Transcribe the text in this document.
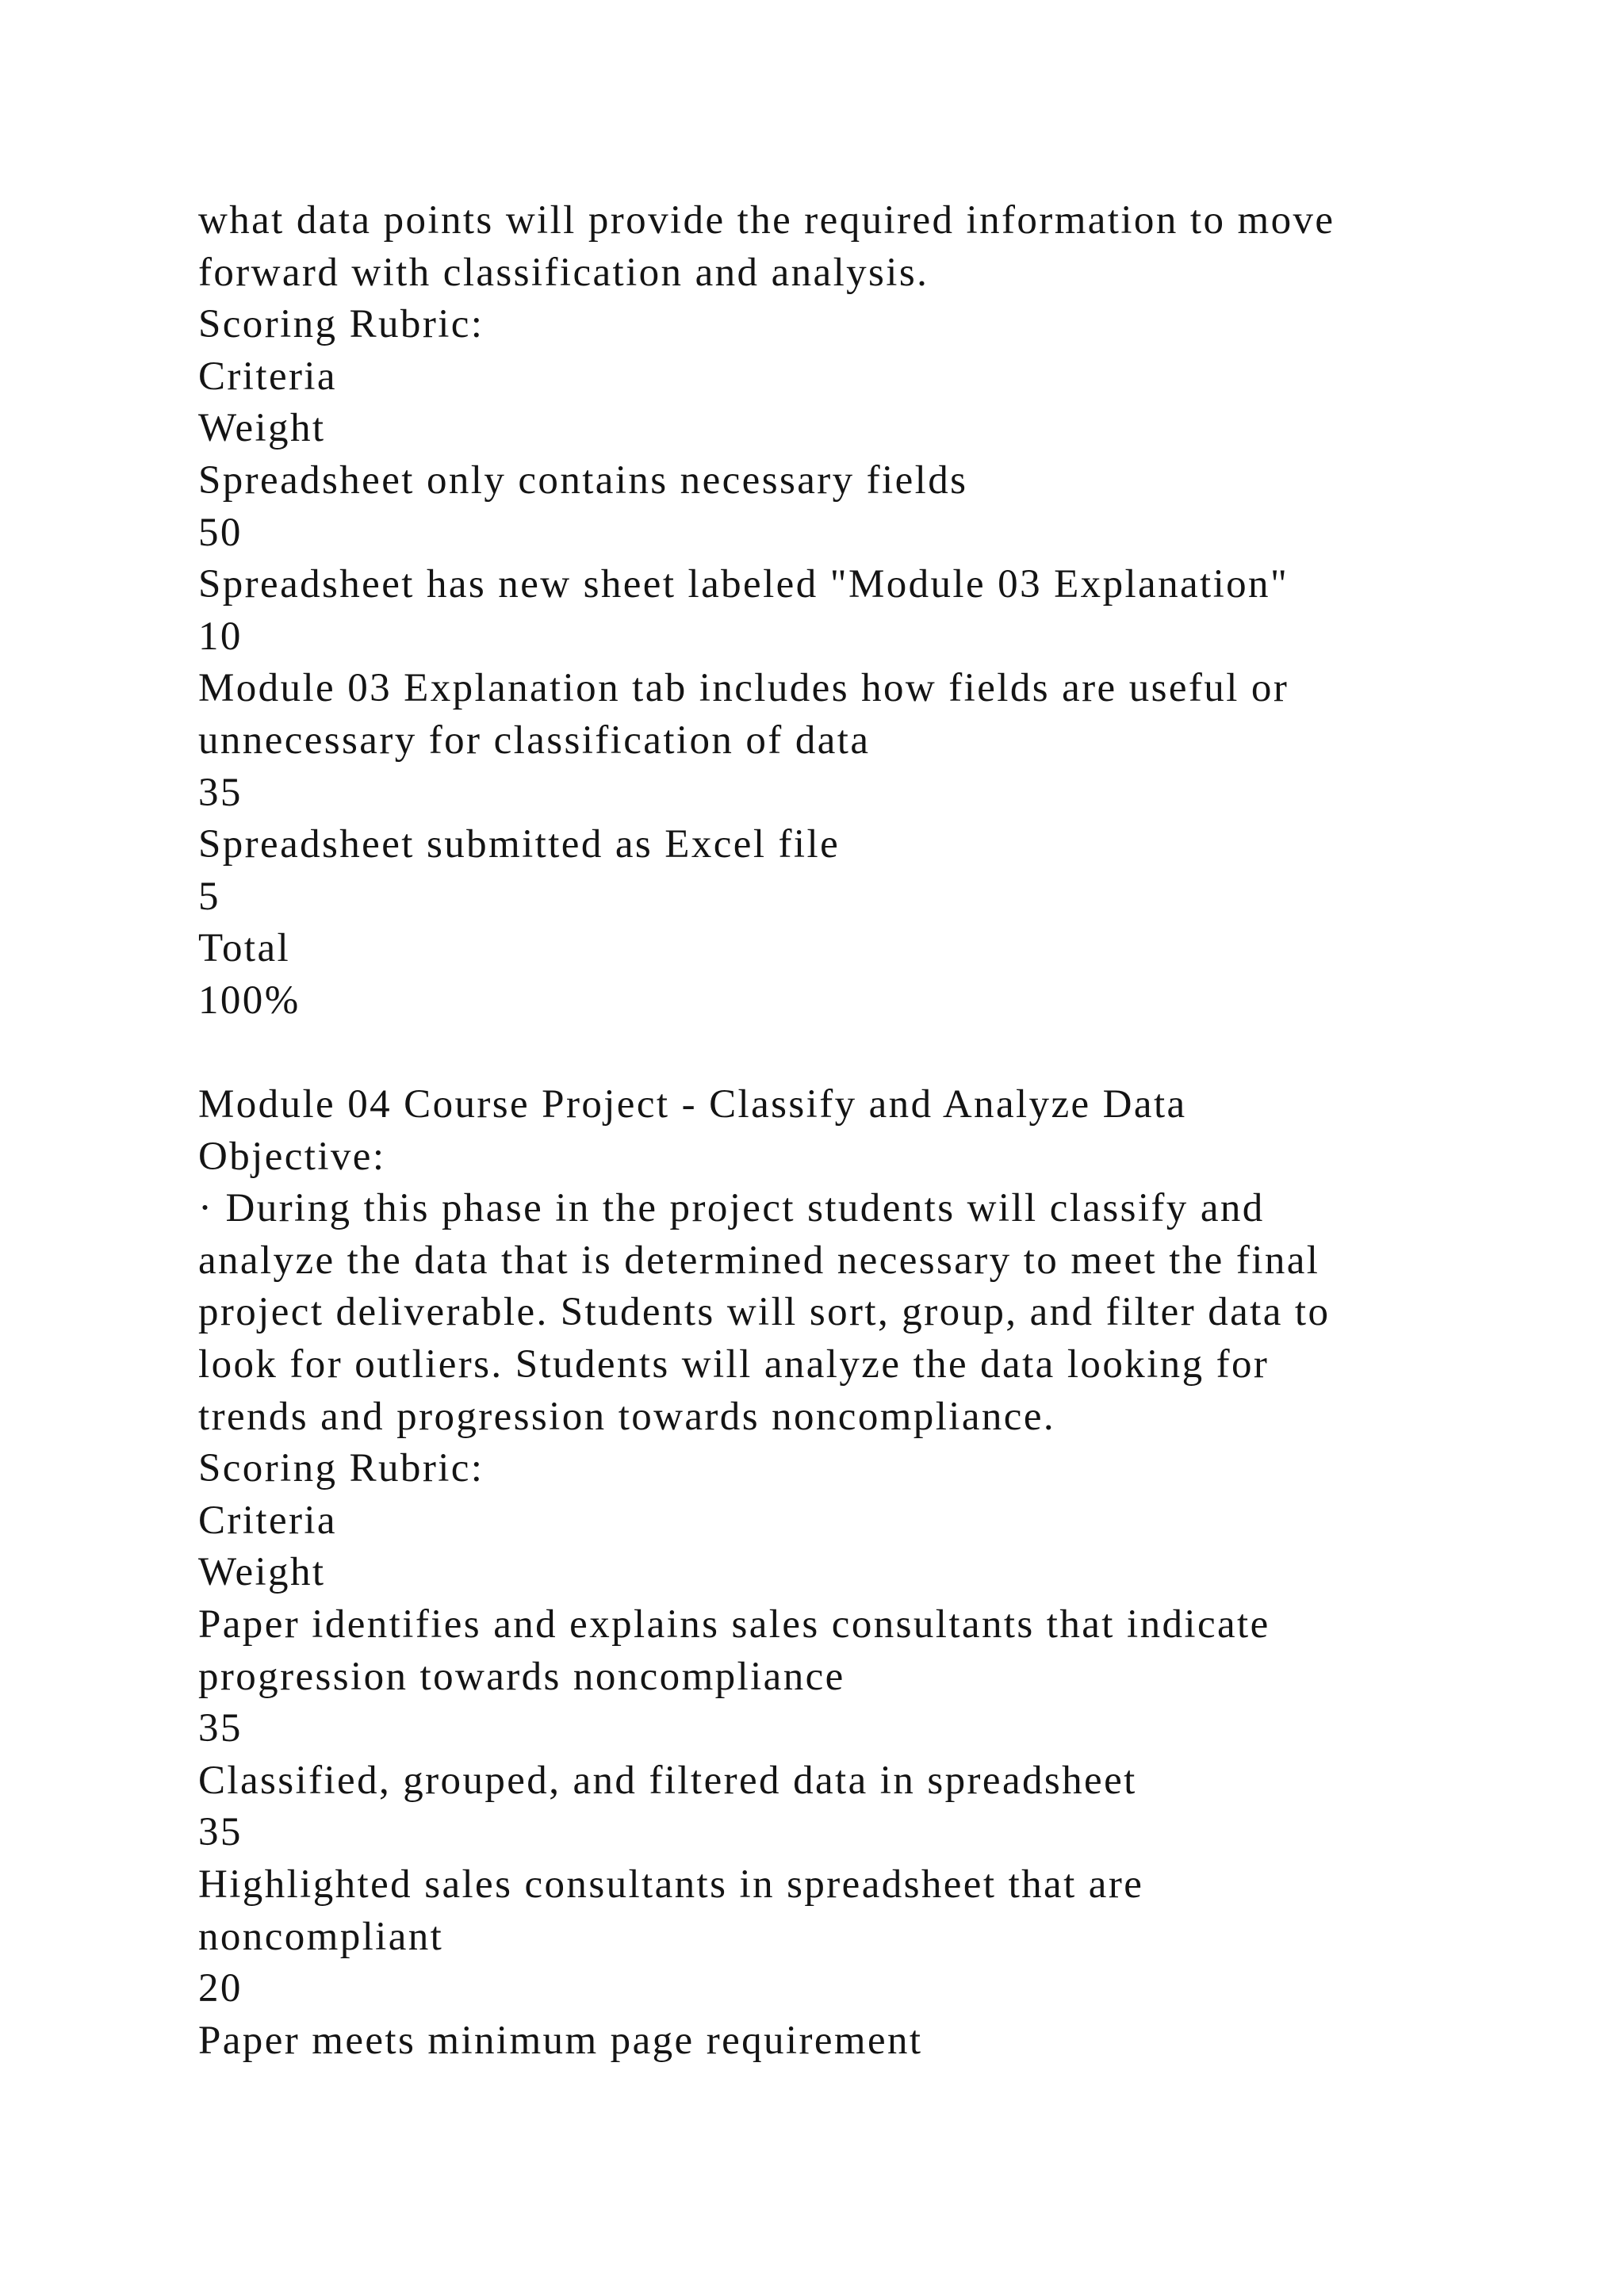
what data points will provide the required information to move
forward with classification and analysis.
Scoring Rubric:
Criteria
Weight
Spreadsheet only contains necessary fields
50
Spreadsheet has new sheet labeled "Module 03 Explanation"
10
Module 03 Explanation tab includes how fields are useful or
unnecessary for classification of data
35
Spreadsheet submitted as Excel file
5
Total
100%
Module 04 Course Project - Classify and Analyze Data
Objective:
· During this phase in the project students will classify and
analyze the data that is determined necessary to meet the final
project deliverable. Students will sort, group, and filter data to
look for outliers. Students will analyze the data looking for
trends and progression towards noncompliance.
Scoring Rubric:
Criteria
Weight
Paper identifies and explains sales consultants that indicate
progression towards noncompliance
35
Classified, grouped, and filtered data in spreadsheet
35
Highlighted sales consultants in spreadsheet that are
noncompliant
20
Paper meets minimum page requirement
